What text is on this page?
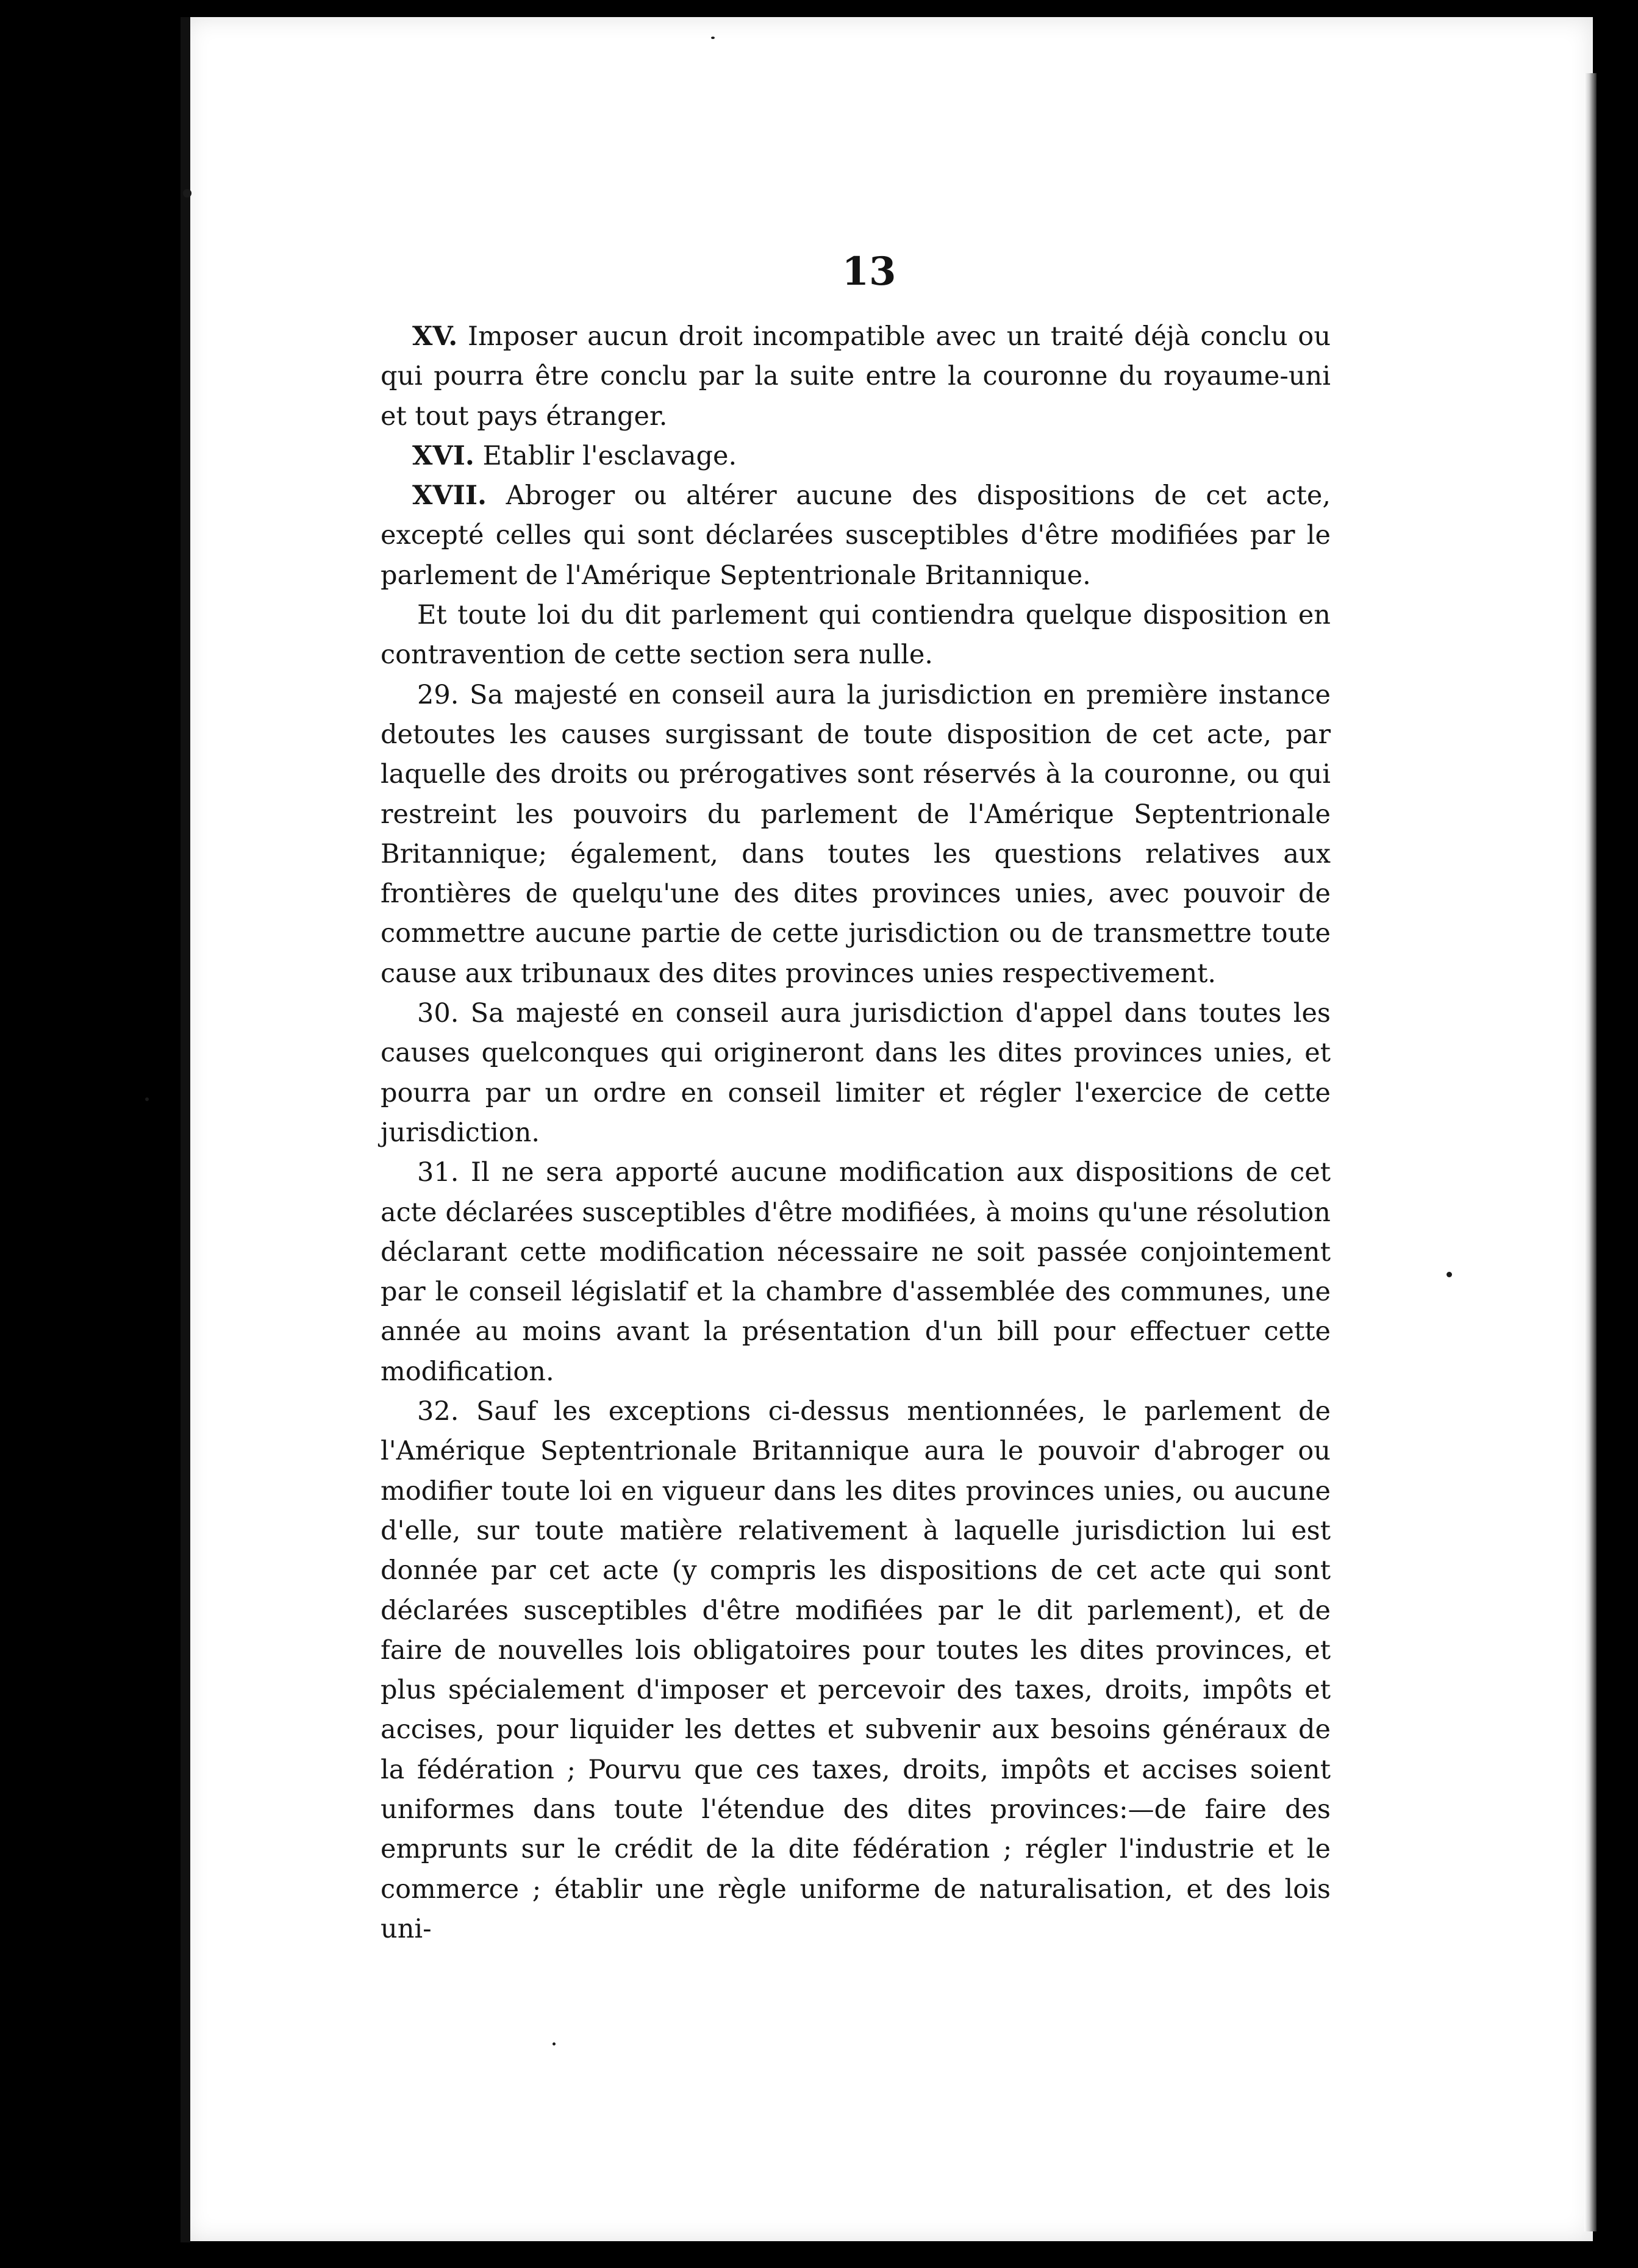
13

XV. Imposer aucun droit incompatible avec un traité déjà conclu ou qui pourra être conclu par la suite entre la couronne du royaume-uni et tout pays étranger.

XVI. Etablir l'esclavage.

XVII. Abroger ou altérer aucune des dispositions de cet acte, excepté celles qui sont déclarées susceptibles d'être modifiées par le parlement de l'Amérique Septentrionale Britannique.

Et toute loi du dit parlement qui contiendra quelque disposition en contravention de cette section sera nulle.

29. Sa majesté en conseil aura la jurisdiction en première instance detoutes les causes surgissant de toute disposition de cet acte, par laquelle des droits ou prérogatives sont réservés à la couronne, ou qui restreint les pouvoirs du parlement de l'Amérique Septentrionale Britannique; également, dans toutes les questions relatives aux frontières de quelqu'une des dites provinces unies, avec pouvoir de commettre aucune partie de cette jurisdiction ou de transmettre toute cause aux tribunaux des dites provinces unies respectivement.

30. Sa majesté en conseil aura jurisdiction d'appel dans toutes les causes quelconques qui origineront dans les dites provinces unies, et pourra par un ordre en conseil limiter et régler l'exercice de cette jurisdiction.

31. Il ne sera apporté aucune modification aux dispositions de cet acte déclarées susceptibles d'être modifiées, à moins qu'une résolution déclarant cette modification nécessaire ne soit passée conjointement par le conseil législatif et la chambre d'assemblée des communes, une année au moins avant la présentation d'un bill pour effectuer cette modification.

32. Sauf les exceptions ci-dessus mentionnées, le parlement de l'Amérique Septentrionale Britannique aura le pouvoir d'abroger ou modifier toute loi en vigueur dans les dites provinces unies, ou aucune d'elle, sur toute matière relativement à laquelle jurisdiction lui est donnée par cet acte (y compris les dispositions de cet acte qui sont déclarées susceptibles d'être modifiées par le dit parlement), et de faire de nouvelles lois obligatoires pour toutes les dites provinces, et plus spécialement d'imposer et percevoir des taxes, droits, impôts et accises, pour liquider les dettes et subvenir aux besoins généraux de la fédération ; Pourvu que ces taxes, droits, impôts et accises soient uniformes dans toute l'étendue des dites provinces:—de faire des emprunts sur le crédit de la dite fédération ; régler l'industrie et le commerce ; établir une règle uniforme de naturalisation, et des lois uni-
